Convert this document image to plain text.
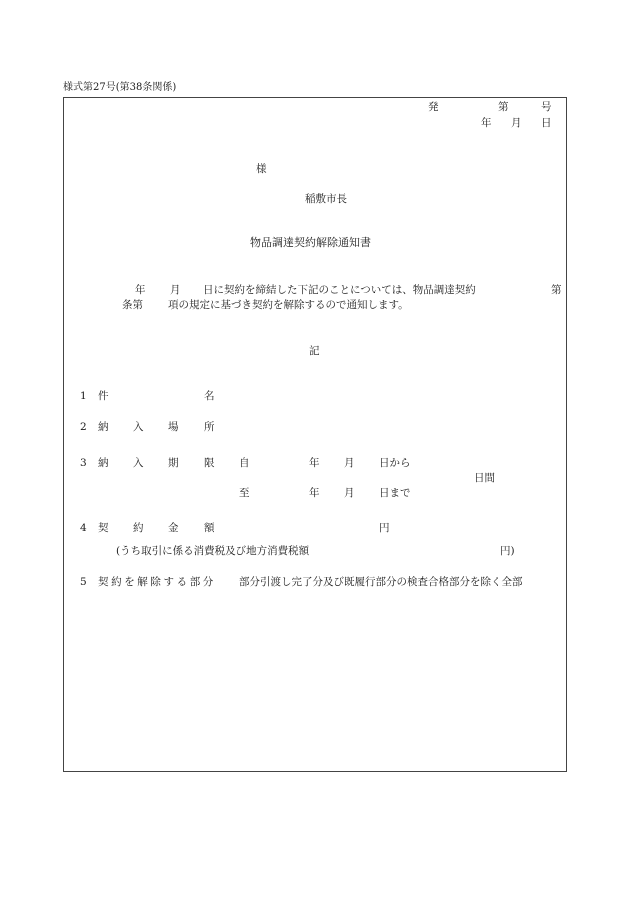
様式第27号(第38条関係)
発	第	号
年 月 日
様
稲敷市長
物品調達契約解除通知書
年 月 日に契約を締結した下記のことについては、物品調達契約	第
条第 項の規定に基づき契約を解除するので通知します。
記
1 件	名
2 納 入 場 所
3 納 入 期 限 自	年 月 日から
日間
至	年 月 日まで
4 契 約 金 額	円
(うち取引に係る消費税及び地方消費税額	円)
5 契約を解除する部分 部分引渡し完了分及び既履行部分の検査合格部分を除く全部
